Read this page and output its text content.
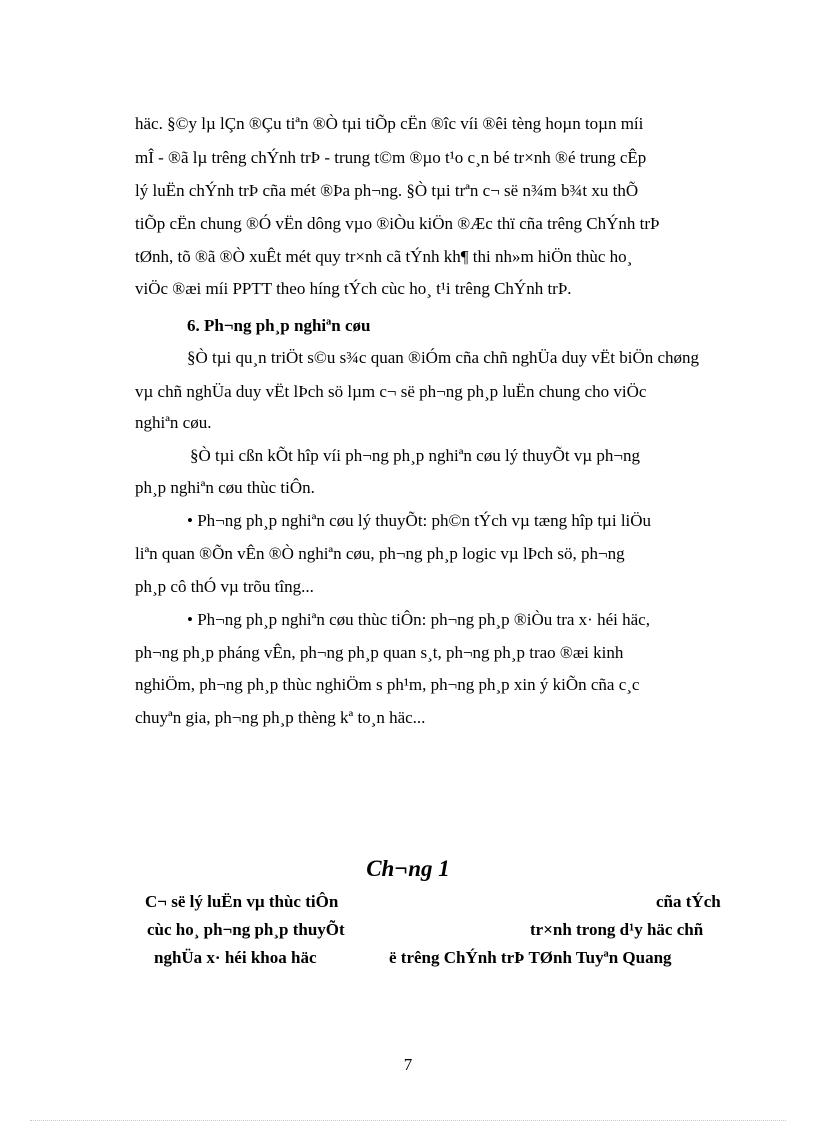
häc. §©y lµ lÇn ®Çu tiªn ®Ò tµi tiÕp cËn ®îc víi ®êi tèng hoµn toµn míi
mÎ - ®ã lµ trêng chÝnh trÞ - trung t©m ®µo t¹o c¸n bé tr×nh ®é trung cÊp
lý luËn chÝnh trÞ cña mét ®Þa ph¬ng. §Ò tµi trªn c¬ së n¾m b¾t xu thÕ
tiÕp cËn chung ®Ó vËn dông vµo ®iÒu kiÖn ®Æc thï cña trêng ChÝnh trÞ
tØnh, tõ ®ã ®Ò xuÊt mét quy tr×nh cã tÝnh kh¶ thi nh»m hiÖn thùc ho¸
viÖc ®æi míi PPTT theo híng tÝch cùc ho¸ t¹i trêng ChÝnh trÞ.
6. Ph¬ng ph¸p nghiªn cøu
§Ò tµi qu¸n triÖt s©u s¾c quan ®iÓm cña chñ nghÜa duy vËt biÖn chøng
vµ chñ nghÜa duy vËt lÞch sö lµm c¬ së ph¬ng ph¸p luËn chung cho viÖc
nghiªn cøu.
§Ò tµi cßn kÕt hîp víi ph¬ng ph¸p nghiªn cøu lý thuyÕt vµ ph¬ng
ph¸p nghiªn cøu thùc tiÔn.
• Ph¬ng ph¸p nghiªn cøu lý thuyÕt: ph©n tÝch vµ tæng hîp tµi liÖu
liªn quan ®Õn vÊn ®Ò nghiªn cøu, ph¬ng ph¸p logic vµ lÞch sö, ph¬ng
ph¸p cô thÓ vµ trõu tîng...
• Ph¬ng ph¸p nghiªn cøu thùc tiÔn: ph¬ng ph¸p ®iÒu tra x· héi häc,
ph¬ng ph¸p pháng vÊn, ph¬ng ph¸p quan s¸t, ph¬ng ph¸p trao ®æi kinh
nghiÖm, ph¬ng ph¸p thùc nghiÖm s ph¹m, ph¬ng ph¸p xin ý kiÕn cña c¸c
chuyªn gia, ph¬ng ph¸p thèng kª to¸n häc...
Ch¬ng 1
C¬ së lý luËn vµ thùc tiÔn	cña tÝch
cùc ho¸ ph¬ng ph¸p thuyÕt	tr×nh trong d¹y häc chñ
nghÜa x· héi khoa häc	ë trêng ChÝnh trÞ TØnh Tuyªn Quang
7
